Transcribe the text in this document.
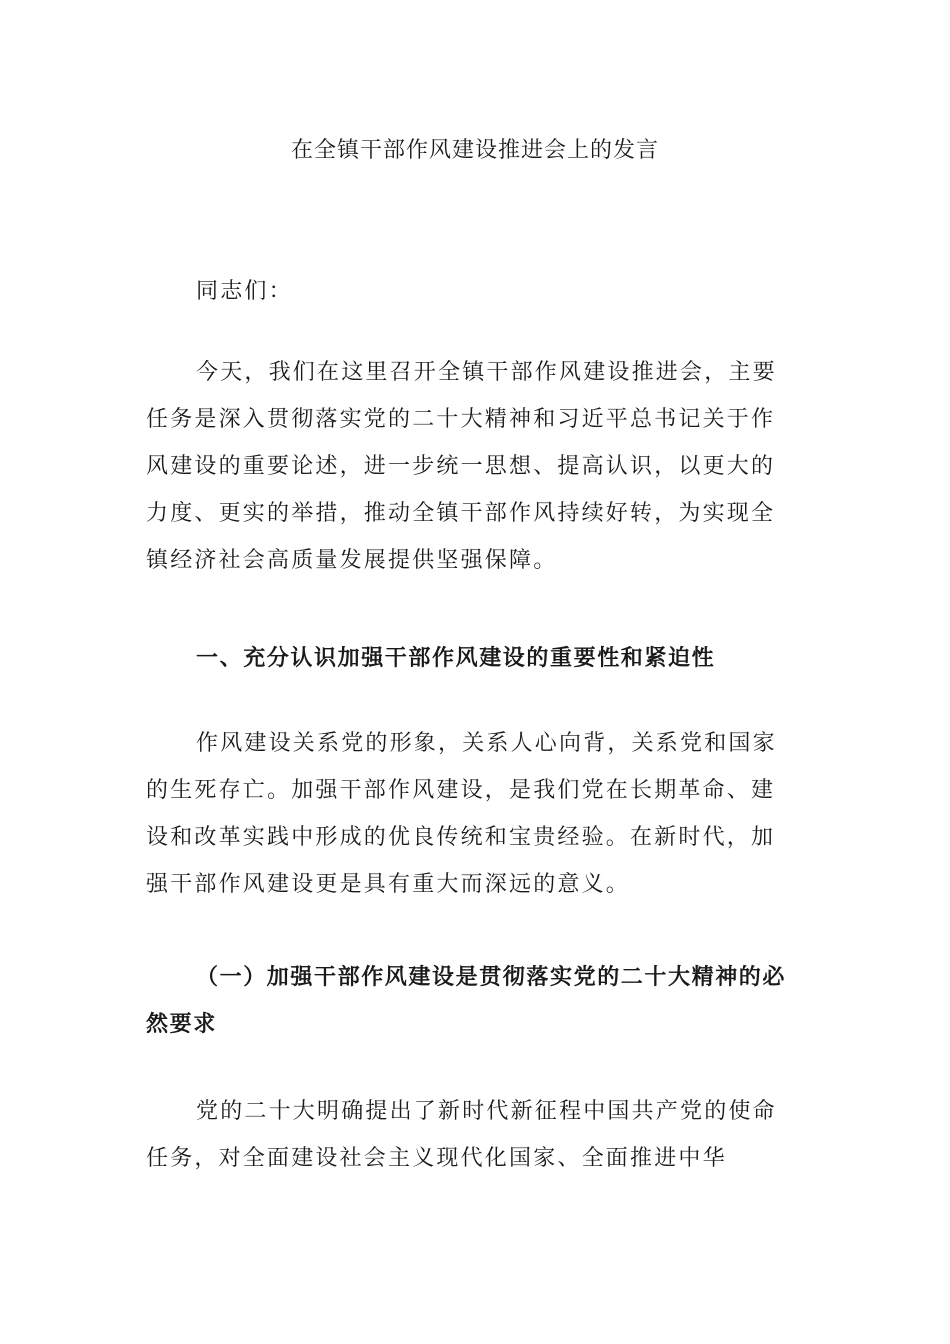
在全镇干部作风建设推进会上的发言

同志们：

今天，我们在这里召开全镇干部作风建设推进会，主要任务是深入贯彻落实党的二十大精神和习近平总书记关于作风建设的重要论述，进一步统一思想、提高认识，以更大的力度、更实的举措，推动全镇干部作风持续好转，为实现全镇经济社会高质量发展提供坚强保障。

一、充分认识加强干部作风建设的重要性和紧迫性

作风建设关系党的形象，关系人心向背，关系党和国家的生死存亡。加强干部作风建设，是我们党在长期革命、建设和改革实践中形成的优良传统和宝贵经验。在新时代，加强干部作风建设更是具有重大而深远的意义。

（一）加强干部作风建设是贯彻落实党的二十大精神的必然要求

党的二十大明确提出了新时代新征程中国共产党的使命任务，对全面建设社会主义现代化国家、全面推进中华
